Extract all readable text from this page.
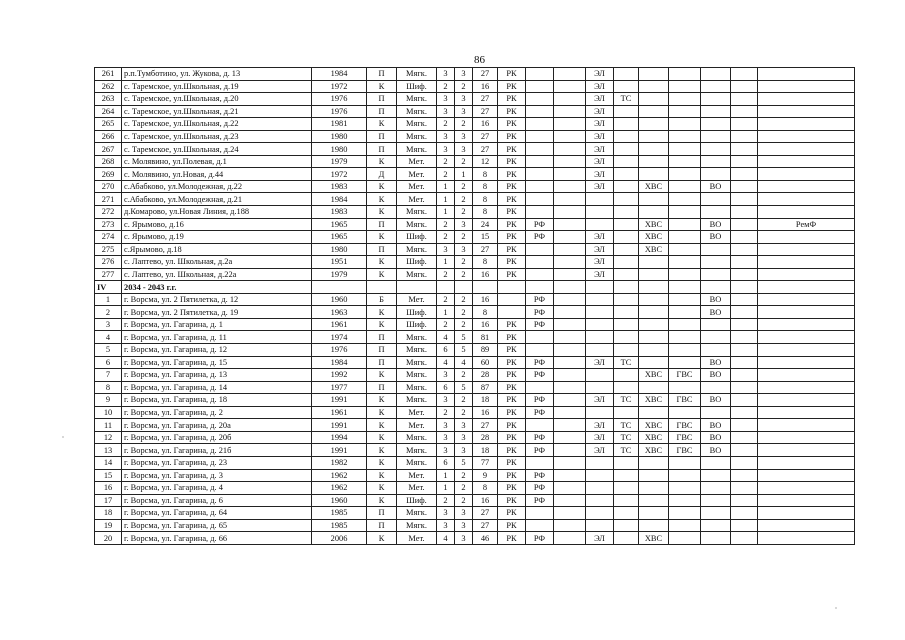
86
261	р.п.Тумботино, ул. Жукова, д. 13	1984	П	Мягк.	3	3	27	РК			ЭЛ						
262	с. Таремское, ул.Школьная, д.19	1972	К	Шиф.	2	2	16	РК			ЭЛ						
263	с. Таремское, ул.Школьная, д.20	1976	П	Мягк.	3	3	27	РК			ЭЛ	ТС					
264	с. Таремское, ул.Школьная, д.21	1976	П	Мягк.	3	3	27	РК			ЭЛ						
265	с. Таремское, ул.Школьная, д.22	1981	К	Мягк.	2	2	16	РК			ЭЛ						
266	с. Таремское, ул.Школьная, д.23	1980	П	Мягк.	3	3	27	РК			ЭЛ						
267	с. Таремское, ул.Школьная, д.24	1980	П	Мягк.	3	3	27	РК			ЭЛ						
268	с. Молявино, ул.Полевая, д.1	1979	К	Мет.	2	2	12	РК			ЭЛ						
269	с. Молявино, ул.Новая, д.44	1972	Д	Мет.	2	1	8	РК			ЭЛ						
270	с.Абабково, ул.Молодежная, д.22	1983	К	Мет.	1	2	8	РК			ЭЛ		ХВС		ВО		
271	с.Абабково, ул.Молодежная, д.21	1984	К	Мет.	1	2	8	РК									
272	д.Комарово, ул.Новая Линия, д.188	1983	К	Мягк.	1	2	8	РК									
273	с. Ярымово, д.16	1965	П	Мягк.	2	3	24	РК	РФ				ХВС		ВО		РемФ
274	с. Ярымово, д.19	1965	К	Шиф.	2	2	15	РК	РФ		ЭЛ		ХВС		ВО		
275	с.Ярымово, д.18	1980	П	Мягк.	3	3	27	РК			ЭЛ		ХВС				
276	с. Лаптево, ул. Школьная, д.2а	1951	К	Шиф.	1	2	8	РК			ЭЛ						
277	с. Лаптево, ул. Школьная, д.22а	1979	К	Мягк.	2	2	16	РК			ЭЛ						
IV	2034 - 2043 г.г.																
1	г. Ворсма, ул. 2 Пятилетка, д. 12	1960	Б	Мет.	2	2	16		РФ						ВО		
2	г. Ворсма, ул. 2 Пятилетка, д. 19	1963	К	Шиф.	1	2	8		РФ						ВО		
3	г. Ворсма, ул. Гагарина, д. 1	1961	К	Шиф.	2	2	16	РК	РФ								
4	г. Ворсма, ул. Гагарина, д. 11	1974	П	Мягк.	4	5	81	РК									
5	г. Ворсма, ул. Гагарина, д. 12	1976	П	Мягк.	6	5	89	РК									
6	г. Ворсма, ул. Гагарина, д. 15	1984	П	Мягк.	4	4	60	РК	РФ		ЭЛ	ТС			ВО		
7	г. Ворсма, ул. Гагарина, д. 13	1992	К	Мягк.	3	2	28	РК	РФ				ХВС	ГВС	ВО		
8	г. Ворсма, ул. Гагарина, д. 14	1977	П	Мягк.	6	5	87	РК									
9	г. Ворсма, ул. Гагарина, д. 18	1991	К	Мягк.	3	2	18	РК	РФ		ЭЛ	ТС	ХВС	ГВС	ВО		
10	г. Ворсма, ул. Гагарина, д. 2	1961	К	Мет.	2	2	16	РК	РФ								
11	г. Ворсма, ул. Гагарина, д. 20а	1991	К	Мет.	3	3	27	РК			ЭЛ	ТС	ХВС	ГВС	ВО		
12	г. Ворсма, ул. Гагарина, д. 20б	1994	К	Мягк.	3	3	28	РК	РФ		ЭЛ	ТС	ХВС	ГВС	ВО		
13	г. Ворсма, ул. Гагарина, д. 21б	1991	К	Мягк.	3	3	18	РК	РФ		ЭЛ	ТС	ХВС	ГВС	ВО		
14	г. Ворсма, ул. Гагарина, д. 23	1982	К	Мягк.	6	5	77	РК									
15	г. Ворсма, ул. Гагарина, д. 3	1962	К	Мет.	1	2	9	РК	РФ								
16	г. Ворсма, ул. Гагарина, д. 4	1962	К	Мет.	1	2	8	РК	РФ								
17	г. Ворсма, ул. Гагарина, д. 6	1960	К	Шиф.	2	2	16	РК	РФ								
18	г. Ворсма, ул. Гагарина, д. 64	1985	П	Мягк.	3	3	27	РК									
19	г. Ворсма, ул. Гагарина, д. 65	1985	П	Мягк.	3	3	27	РК									
20	г. Ворсма, ул. Гагарина, д. 66	2006	К	Мет.	4	3	46	РК	РФ		ЭЛ		ХВС				
